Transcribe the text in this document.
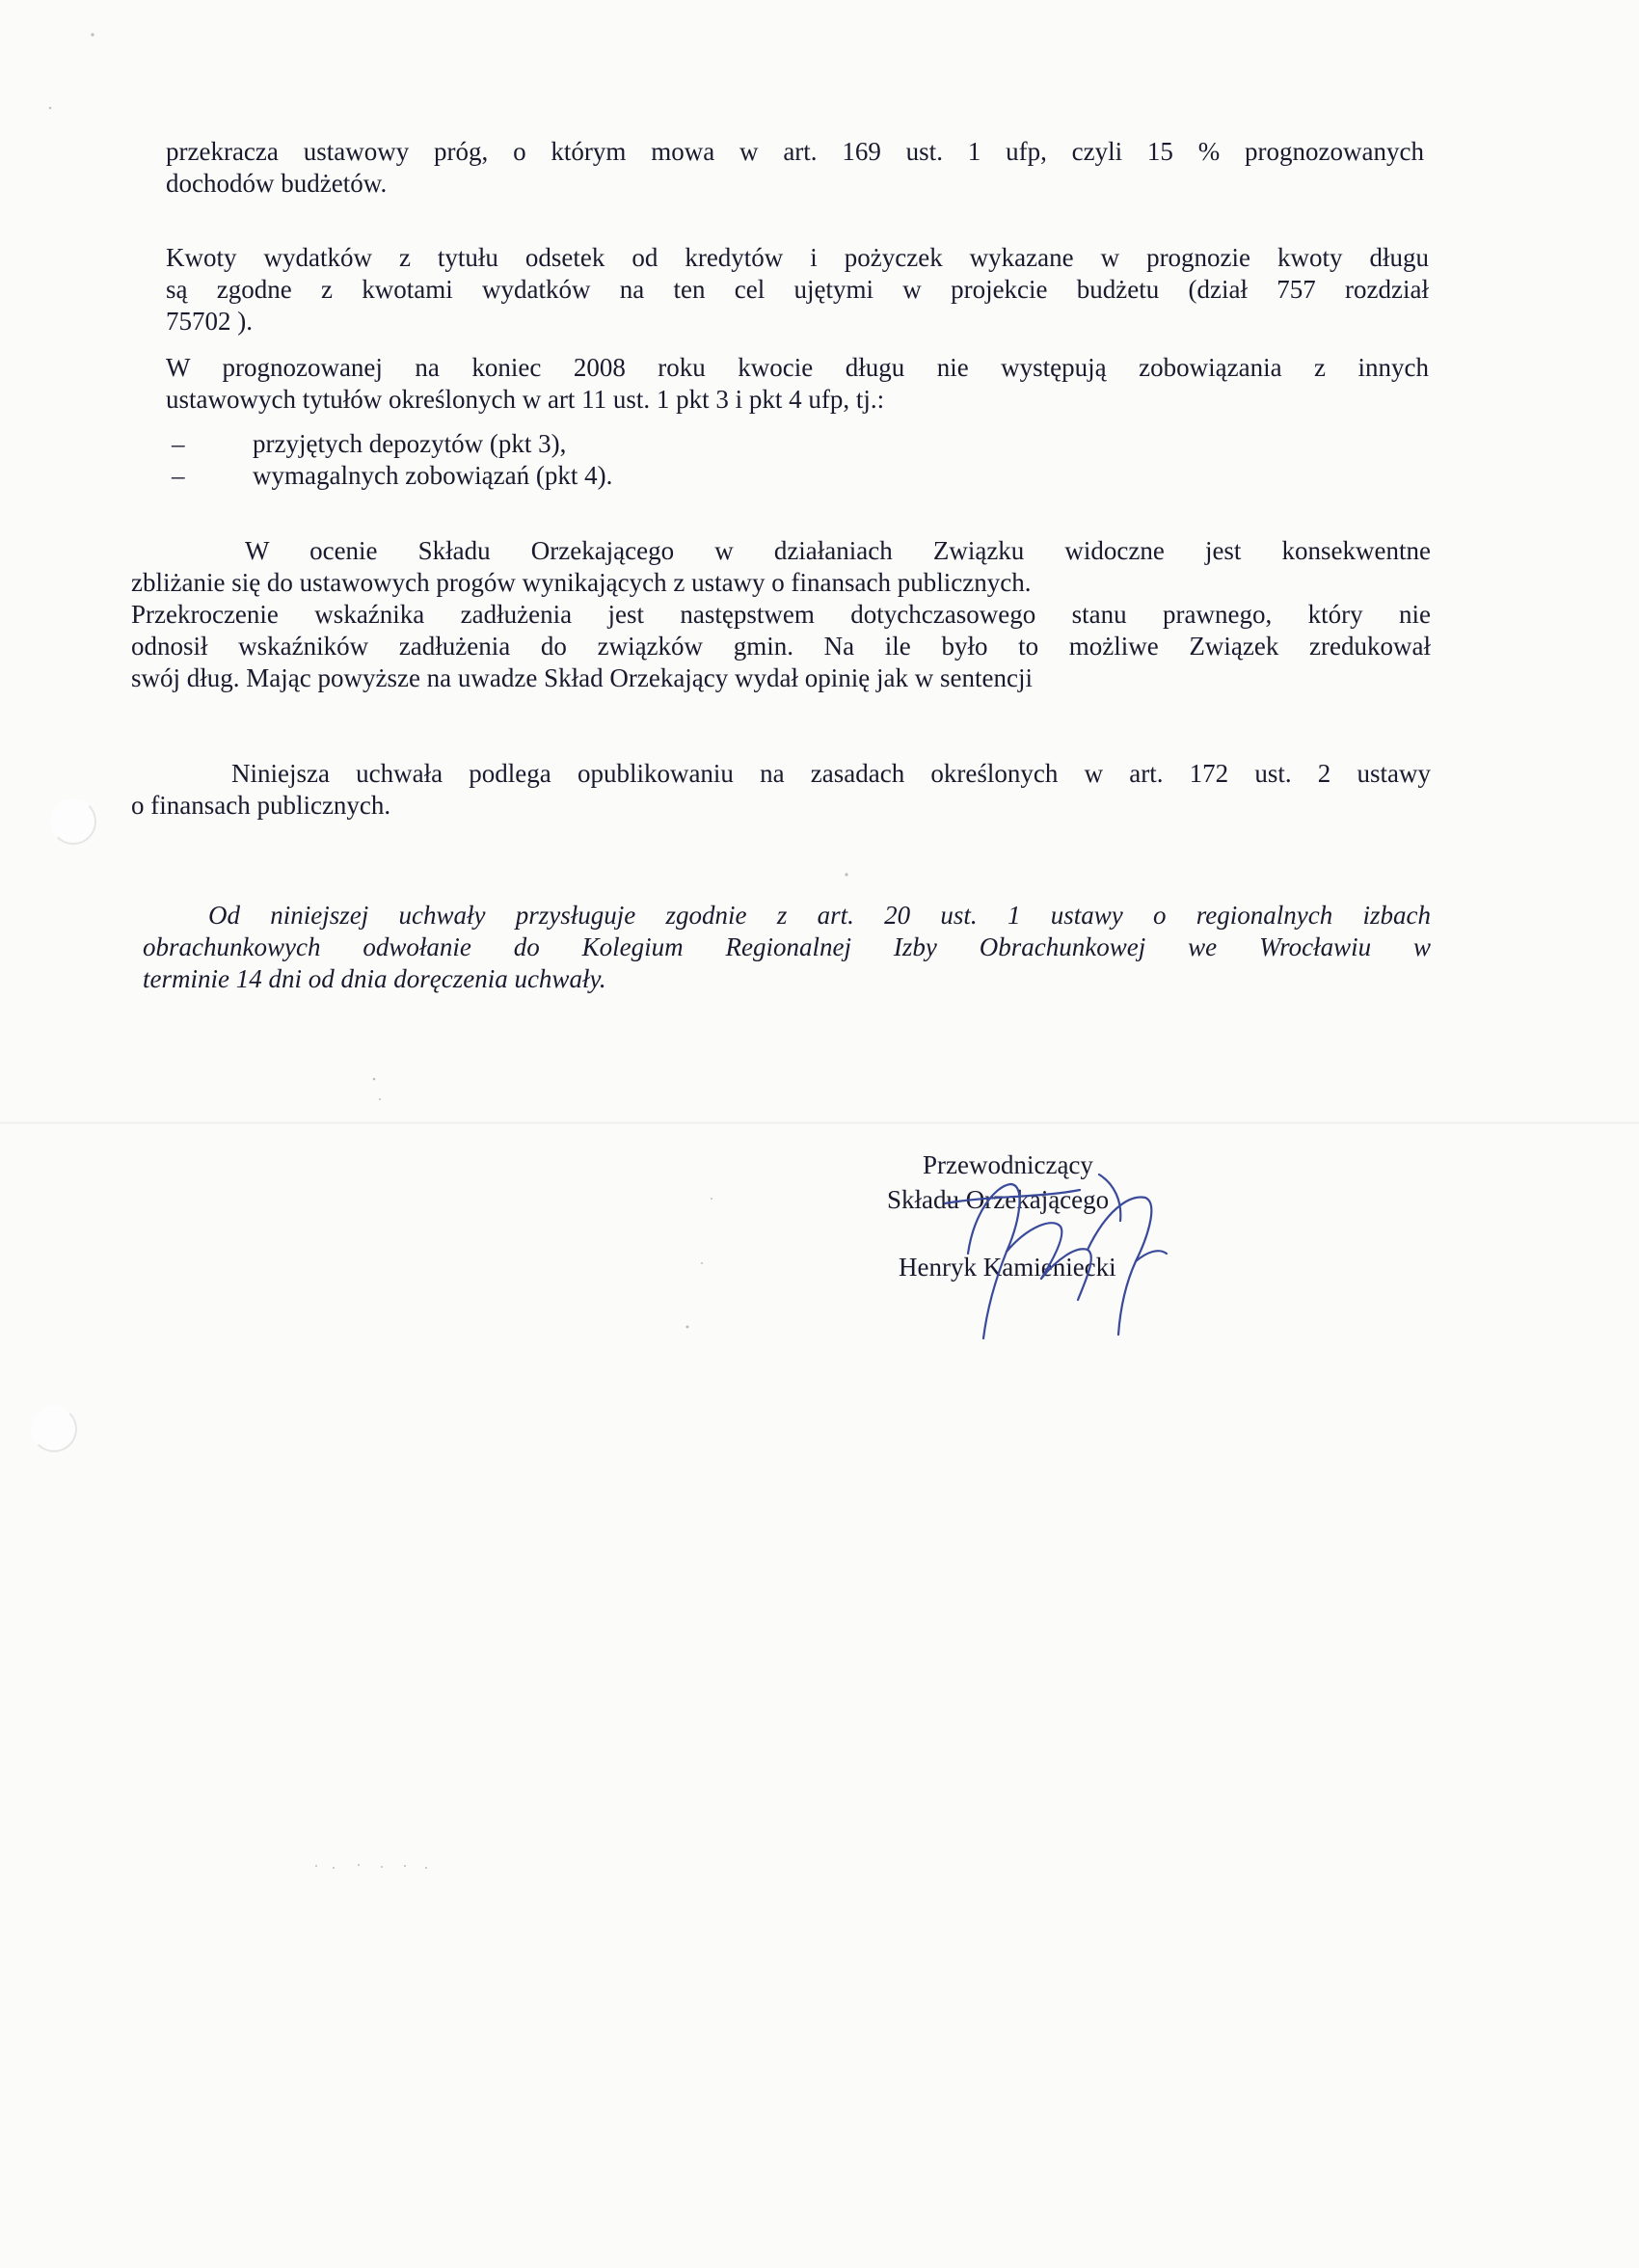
przekracza ustawowy próg, o którym mowa w art. 169 ust. 1 ufp, czyli 15 % prognozowanych
dochodów budżetów.
Kwoty wydatków z tytułu odsetek od kredytów i pożyczek wykazane w prognozie kwoty długu
są zgodne z kwotami wydatków na ten cel ujętymi w projekcie budżetu (dział 757 rozdział
75702 ).
W prognozowanej na koniec 2008 roku kwocie długu nie występują zobowiązania z innych
ustawowych tytułów określonych w art 11 ust. 1 pkt 3 i pkt 4 ufp, tj.:
–	przyjętych depozytów (pkt 3),
–	wymagalnych zobowiązań (pkt 4).
W ocenie Składu Orzekającego w działaniach Związku widoczne jest konsekwentne
zbliżanie się do ustawowych progów wynikających z ustawy o finansach publicznych.
Przekroczenie wskaźnika zadłużenia jest następstwem dotychczasowego stanu prawnego, który nie
odnosił wskaźników zadłużenia do związków gmin. Na ile było to możliwe Związek zredukował
swój dług. Mając powyższe na uwadze Skład Orzekający wydał opinię jak w sentencji
Niniejsza uchwała podlega opublikowaniu na zasadach określonych w art. 172 ust. 2 ustawy
o finansach publicznych.
Od niniejszej uchwały przysługuje zgodnie z art. 20 ust. 1 ustawy o regionalnych izbach
obrachunkowych odwołanie do Kolegium Regionalnej Izby Obrachunkowej we Wrocławiu w
terminie 14 dni od dnia doręczenia uchwały.
Przewodniczący
Składu Orzekającego
Henryk Kamieniecki
